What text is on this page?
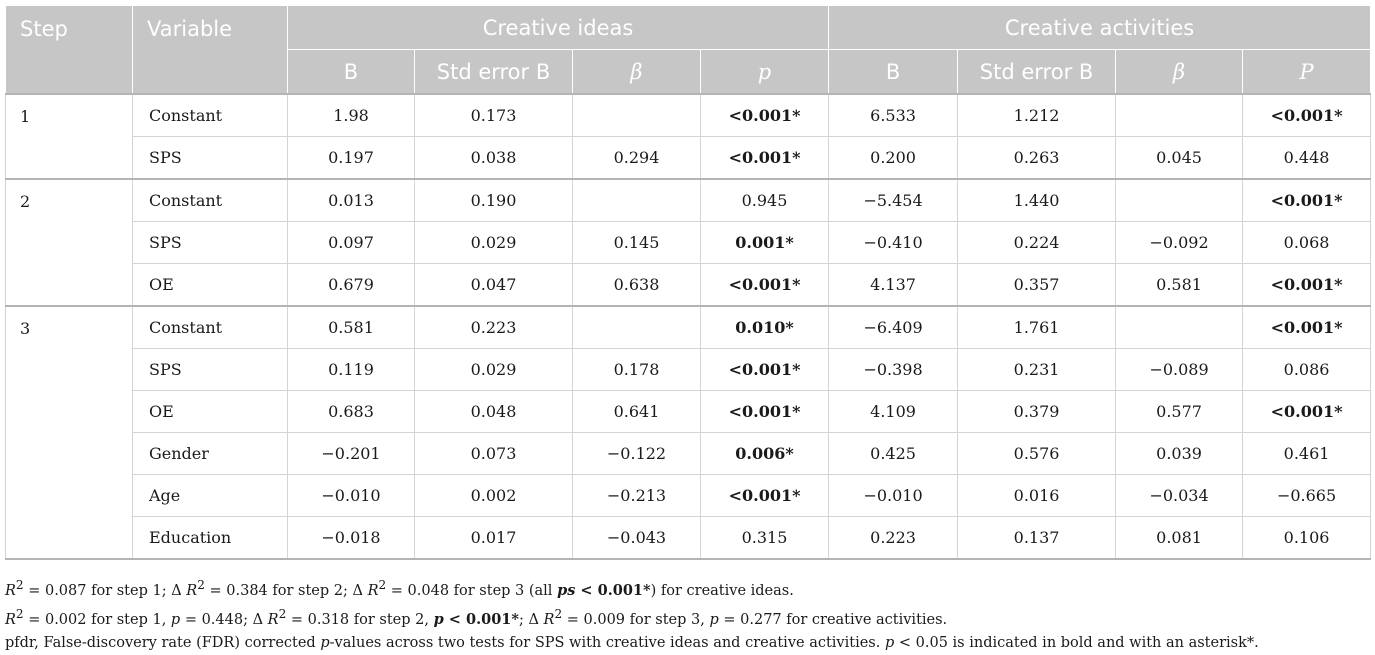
Step	Variable	Creative ideas				Creative activities			
		B	Std error B	β	p	B	Std error B	β	P
1	Constant	1.98	0.173		<0.001*	6.533	1.212		<0.001*
	SPS	0.197	0.038	0.294	<0.001*	0.200	0.263	0.045	0.448
2	Constant	0.013	0.190		0.945	−5.454	1.440		<0.001*
	SPS	0.097	0.029	0.145	0.001*	−0.410	0.224	−0.092	0.068
	OE	0.679	0.047	0.638	<0.001*	4.137	0.357	0.581	<0.001*
3	Constant	0.581	0.223		0.010*	−6.409	1.761		<0.001*
	SPS	0.119	0.029	0.178	<0.001*	−0.398	0.231	−0.089	0.086
	OE	0.683	0.048	0.641	<0.001*	4.109	0.379	0.577	<0.001*
	Gender	−0.201	0.073	−0.122	0.006*	0.425	0.576	0.039	0.461
	Age	−0.010	0.002	−0.213	<0.001*	−0.010	0.016	−0.034	−0.665
	Education	−0.018	0.017	−0.043	0.315	0.223	0.137	0.081	0.106
$R^2 = 0.087$ for step 1; Δ $R^2 = 0.384$ for step 2; Δ $R^2 = 0.048$ for step 3 (all ps < 0.001*) for creative ideas.
$R^2 = 0.002$ for step 1, p = 0.448; Δ $R^2 = 0.318$ for step 2, p < 0.001*; Δ $R^2 = 0.009$ for step 3, p = 0.277 for creative activities.
pfdr, False-discovery rate (FDR) corrected p-values across two tests for SPS with creative ideas and creative activities. p < 0.05 is indicated in bold and with an asterisk*.
